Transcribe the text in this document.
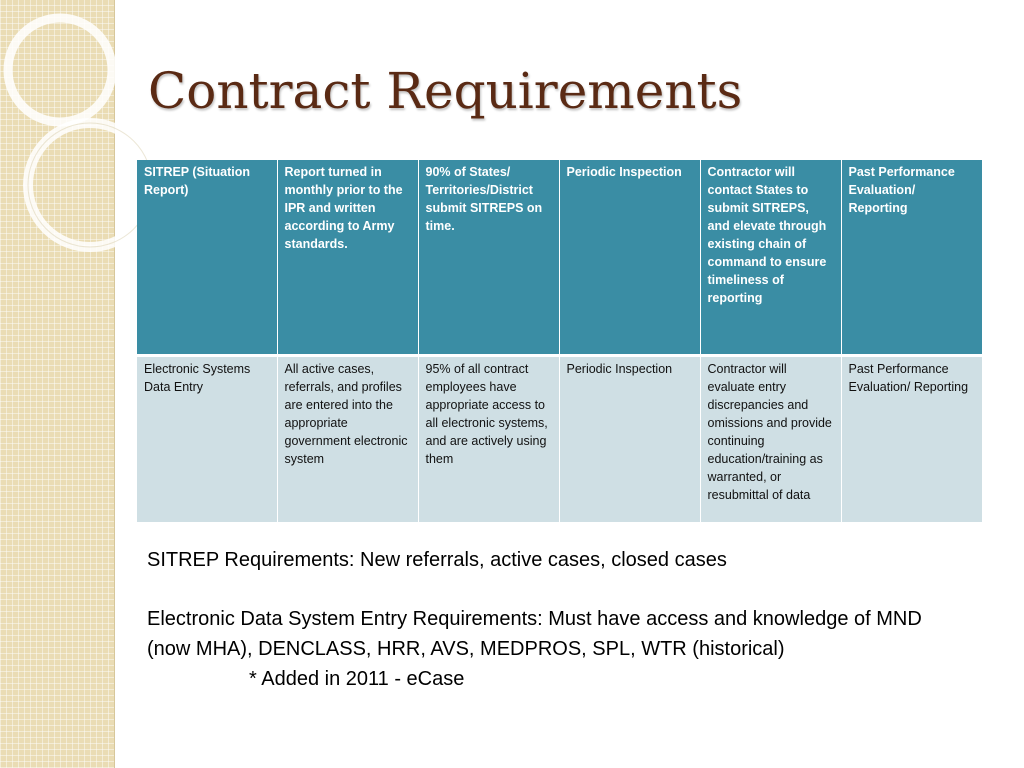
Contract Requirements
SITREP (Situation Report)	Report turned in monthly prior to the IPR and written according to Army standards.	90% of States/ Territories/District submit SITREPS on time.	Periodic Inspection	Contractor will contact States to submit SITREPS, and elevate through existing chain of command to ensure timeliness of reporting	Past Performance Evaluation/ Reporting

Electronic Systems Data Entry	All active cases, referrals, and profiles are entered into the appropriate government electronic system	95% of all contract employees have appropriate access to all electronic systems, and are actively using them	Periodic Inspection	Contractor will evaluate entry discrepancies and omissions and provide continuing education/training as warranted, or resubmittal of data	Past Performance Evaluation/ Reporting

SITREP Requirements: New referrals, active cases, closed cases

Electronic Data System Entry Requirements: Must have access and knowledge of MND (now MHA), DENCLASS, HRR, AVS, MEDPROS, SPL, WTR (historical)

* Added in 2011 - eCase
